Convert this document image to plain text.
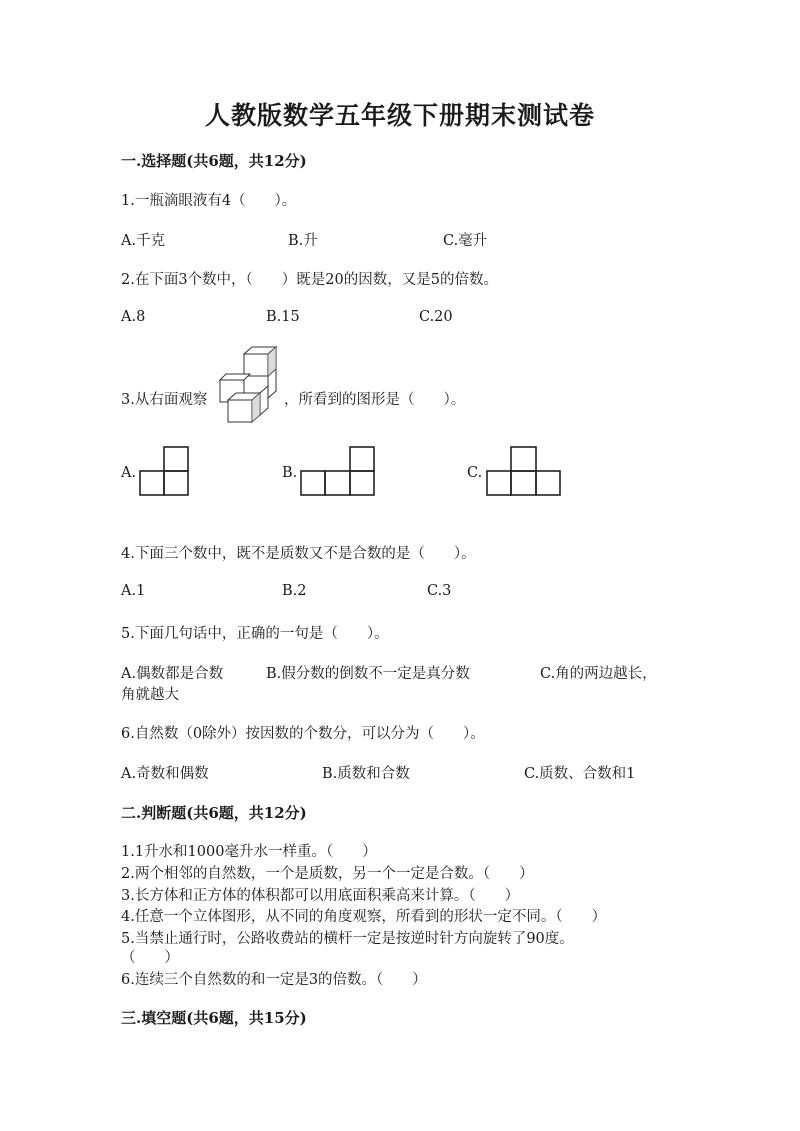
人教版数学五年级下册期末测试卷
一.选择题(共6题，共12分)
1.一瓶滴眼液有4（　　）。
A.千克	B.升	C.毫升
2.在下面3个数中，（　　）既是20的因数，又是5的倍数。
A.8	B.15	C.20
3.从右面观察	，所看到的图形是（　　）。
A.	B.	C.
4.下面三个数中，既不是质数又不是合数的是（　　）。
A.1	B.2	C.3
5.下面几句话中，正确的一句是（　　）。
A.偶数都是合数	B.假分数的倒数不一定是真分数	C.角的两边越长，
角就越大
6.自然数（0除外）按因数的个数分，可以分为（　　）。
A.奇数和偶数	B.质数和合数	C.质数、合数和1
二.判断题(共6题，共12分)
1.1升水和1000毫升水一样重。（　　）
2.两个相邻的自然数，一个是质数，另一个一定是合数。（　　）
3.长方体和正方体的体积都可以用底面积乘高来计算。（　　）
4.任意一个立体图形，从不同的角度观察，所看到的形状一定不同。（　　）
5.当禁止通行时，公路收费站的横杆一定是按逆时针方向旋转了90度。
（　　）
6.连续三个自然数的和一定是3的倍数。（　　）
三.填空题(共6题，共15分)
